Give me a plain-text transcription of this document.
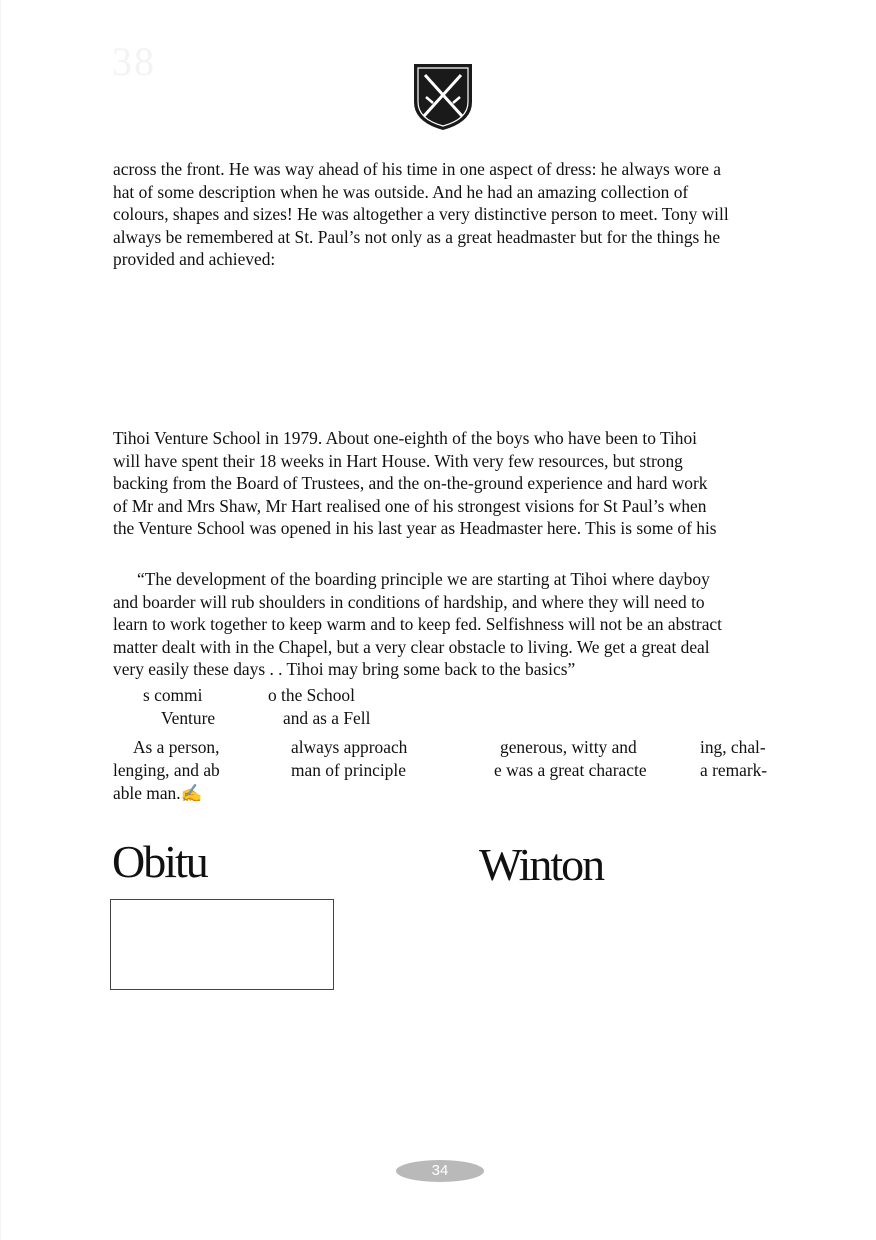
38

across the front. He was way ahead of his time in one aspect of dress: he always wore a
hat of some description when he was outside. And he had an amazing collection of
colours, shapes and sizes! He was altogether a very distinctive person to meet. Tony will
always be remembered at St. Paul’s not only as a great headmaster but for the things he
provided and achieved:

Tihoi Venture School in 1979. About one-eighth of the boys who have been to Tihoi
will have spent their 18 weeks in Hart House. With very few resources, but strong
backing from the Board of Trustees, and the on-the-ground experience and hard work
of Mr and Mrs Shaw, Mr Hart realised one of his strongest visions for St Paul’s when
the Venture School was opened in his last year as Headmaster here. This is some of his

“The development of the boarding principle we are starting at Tihoi where dayboy
and boarder will rub shoulders in conditions of hardship, and where they will need to
learn to work together to keep warm and to keep fed. Selfishness will not be an abstract
matter dealt with in the Chapel, but a very clear obstacle to living. We get a great deal
very easily these days . . Tihoi may bring some back to the basics”

s commi	o the School
Venture	and as a Fell
As a person,	always approach	generous, witty and	ing, chal-
lenging, and ab	man of principle	e was a great characte	a remark-
able man.✍
Obitu	Winton
34
